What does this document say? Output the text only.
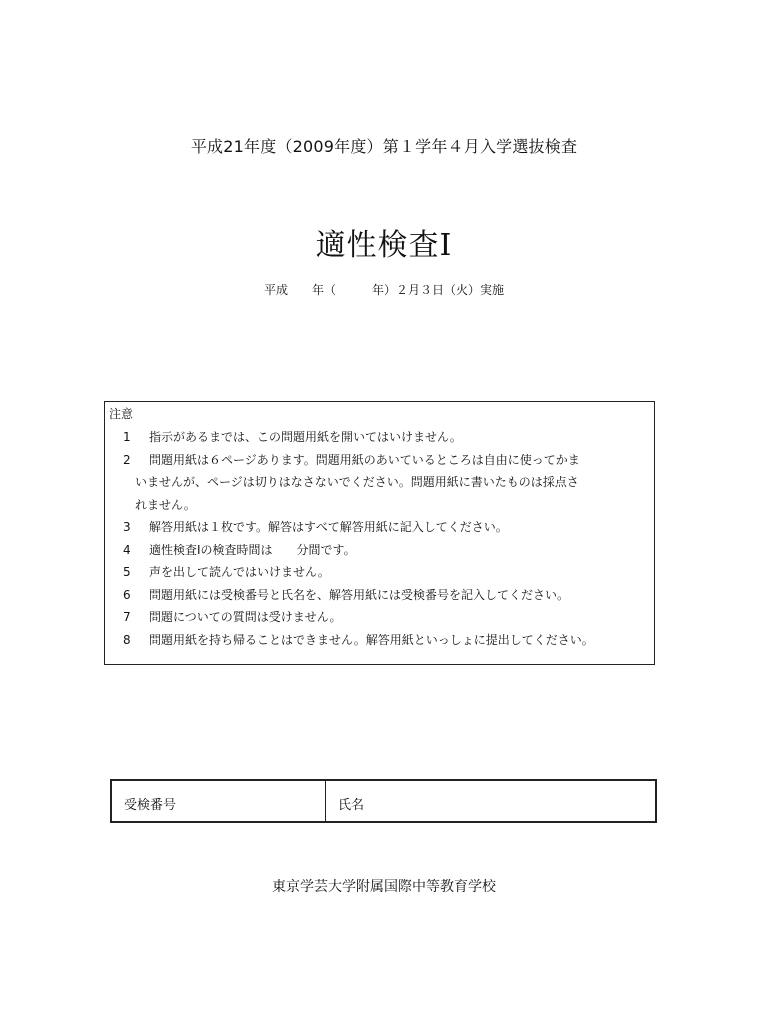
平成21年度（2009年度）第１学年４月入学選抜検査
適性検査Ⅰ
平成　　年（　　　年）２月３日（火）実施
注意
1	指示があるまでは、この問題用紙を開いてはいけません。
2	問題用紙は６ページあります。問題用紙のあいているところは自由に使ってかま
いませんが、ページは切りはなさないでください。問題用紙に書いたものは採点さ
れません。
3	解答用紙は１枚です。解答はすべて解答用紙に記入してください。
4	適性検査Ⅰの検査時間は　　分間です。
5	声を出して読んではいけません。
6	問題用紙には受検番号と氏名を、解答用紙には受検番号を記入してください。
7	問題についての質問は受けません。
8	問題用紙を持ち帰ることはできません。解答用紙といっしょに提出してください。
受検番号	氏名
東京学芸大学附属国際中等教育学校
